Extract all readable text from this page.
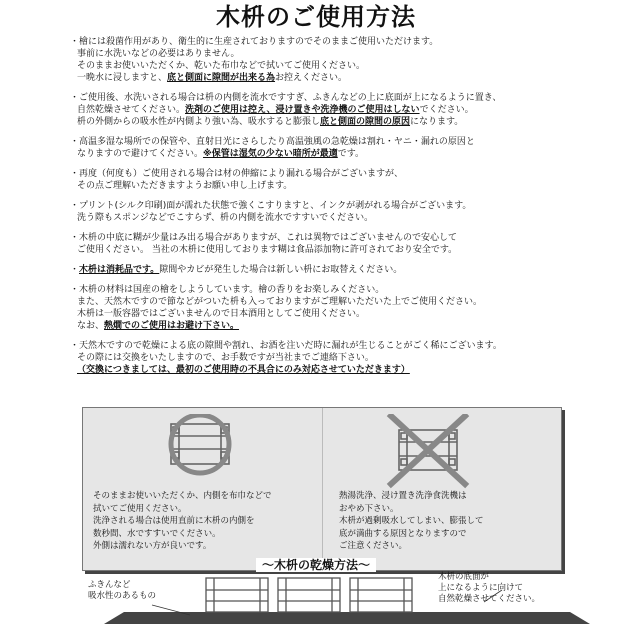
木枡のご使用方法
・檜には殺菌作用があり、衛生的に生産されておりますのでそのままご使用いただけます。
事前に水洗いなどの必要はありません。
そのままお使いいただくか、乾いた布巾などで拭いてご使用ください。
一晩水に浸しますと、底と側面に隙間が出来る為お控えください。
・ご使用後、水洗いされる場合は枡の内側を流水ですすぎ、ふきんなどの上に底面が上になるように置き、
自然乾燥させてください。洗剤のご使用は控え、浸け置きや洗浄機のご使用はしないでください。
枡の外側からの吸水性が内側より強い為、吸水すると膨張し底と側面の隙間の原因になります。
・高温多湿な場所での保管や、直射日光にさらしたり高温強風の急乾燥は割れ・ヤニ・漏れの原因と
なりますので避けてください。※保管は湿気の少ない暗所が最適です。
・再度（何度も）ご使用される場合は材の伸縮により漏れる場合がございますが、
その点ご理解いただきますようお願い申し上げます。
・プリント(シルク印刷)面が濡れた状態で強くこすりますと、インクが剥がれる場合がございます。
洗う際もスポンジなどでこすらず、枡の内側を流水ですすいでください。
・木枡の中底に糊が少量はみ出る場合がありますが、これは異物ではございませんので安心して
ご使用ください。 当社の木枡に使用しております糊は食品添加物に許可されており安全です。
・木枡は消耗品です。隙間やカビが発生した場合は新しい枡にお取替えください。
・木枡の材料は国産の檜をしようしています。檜の香りをお楽しみください。
また、天然木ですので節などがついた枡も入っておりますがご理解いただいた上でご使用ください。
木枡は一版容器ではございませんので日本酒用としてご使用ください。
なお、熱燗でのご使用はお避け下さい。
・天然木ですので乾燥による底の隙間や割れ、お酒を注いだ時に漏れが生じることがごく稀にございます。
その際には交換をいたしますので、お手数ですが当社までご連絡下さい。
（交換につきましては、最初のご使用時の不具合にのみ対応させていただきます）
そのままお使いいただくか、内側を布巾などで
拭いてご使用ください。
洗浄される場合は使用直前に木枡の内側を
数秒間、水ですすいでください。
外側は濡れない方が良いです。
熱湯洗浄、浸け置き洗浄食洗機は
おやめ下さい。
木枡が過剰吸水してしまい、膨張して
底が満曲する原因となりますので
ご注意ください。
～木枡の乾燥方法～
ふきんなど
吸水性のあるもの
木枡の底面が
上になるように向けて
自然乾燥させてください。
